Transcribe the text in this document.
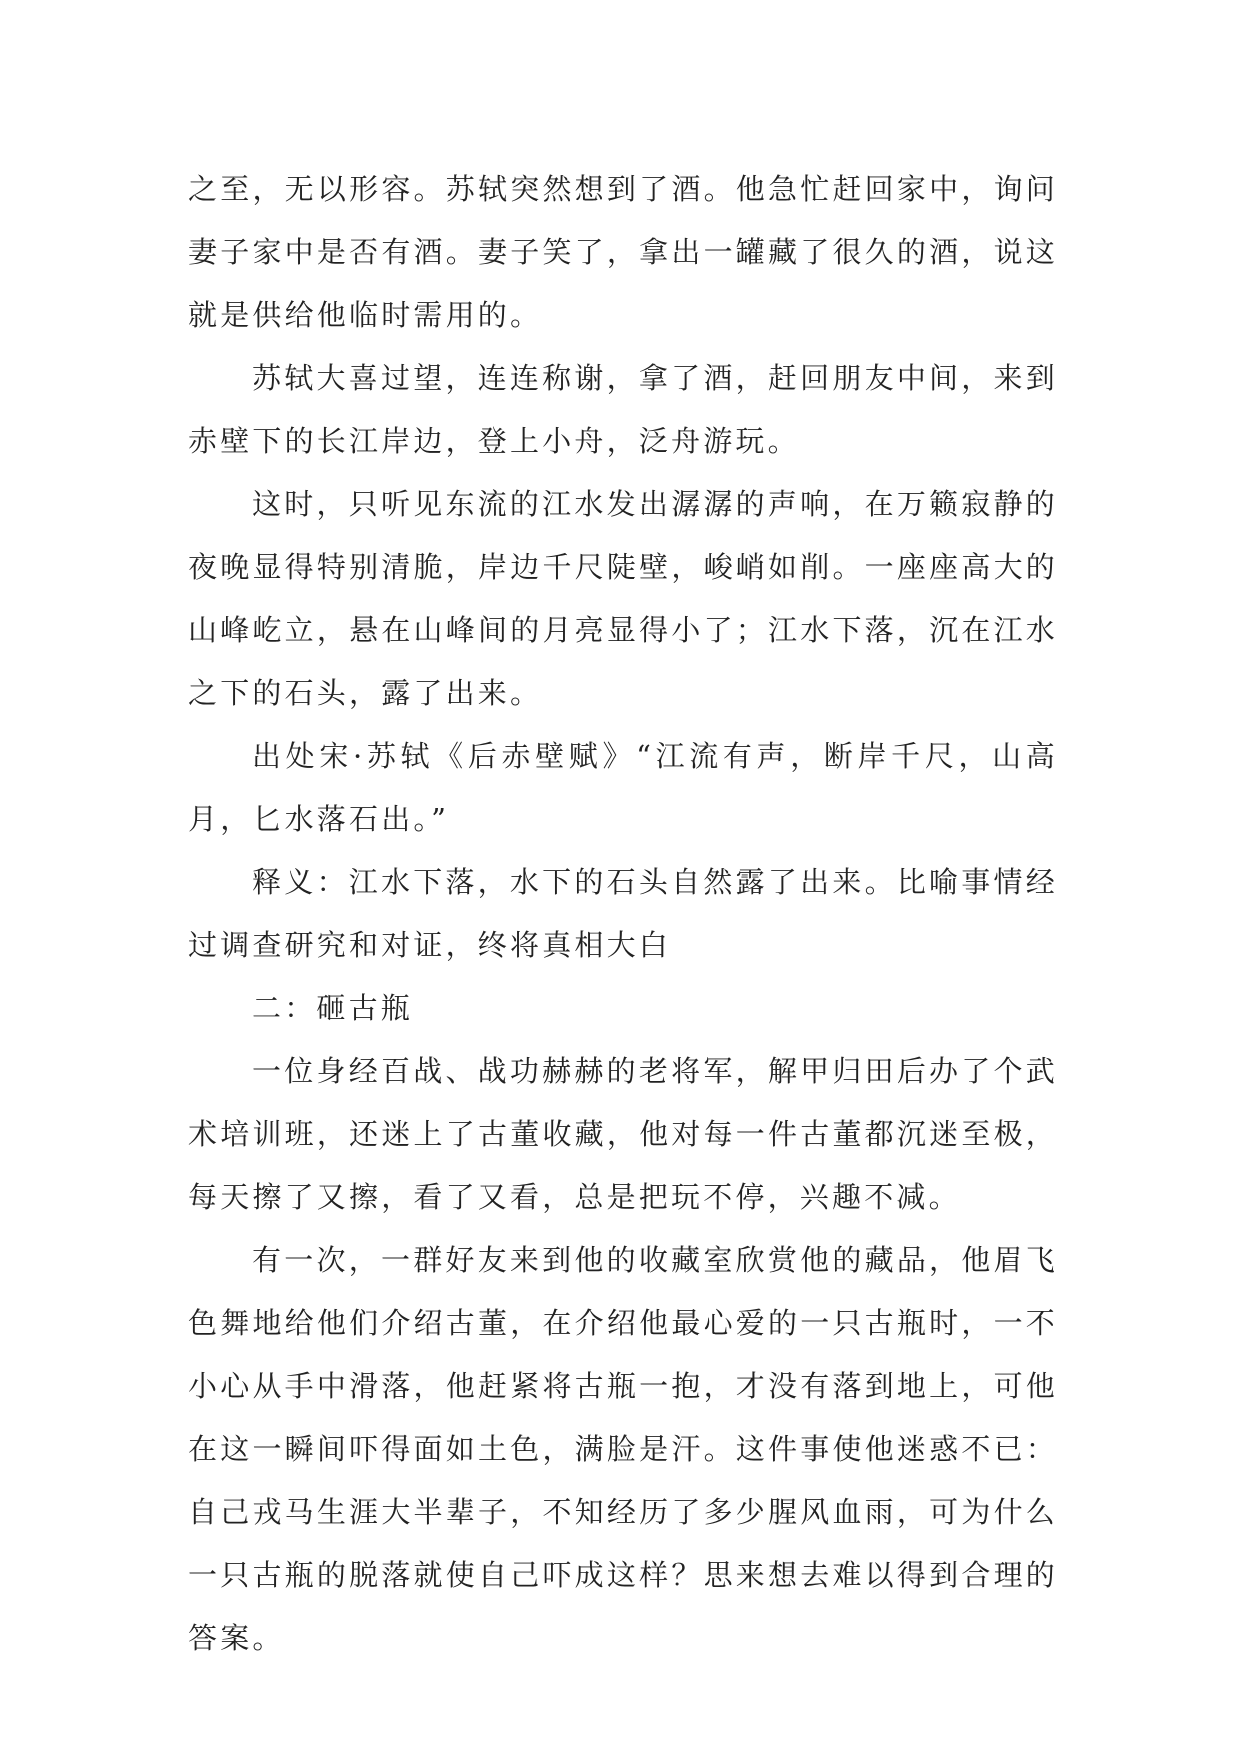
之至，无以形容。苏轼突然想到了酒。他急忙赶回家中，询问妻子家中是否有酒。妻子笑了，拿出一罐藏了很久的酒，说这就是供给他临时需用的。

苏轼大喜过望，连连称谢，拿了酒，赶回朋友中间，来到赤壁下的长江岸边，登上小舟，泛舟游玩。

这时，只听见东流的江水发出潺潺的声响，在万籁寂静的夜晚显得特别清脆，岸边千尺陡壁，峻峭如削。一座座高大的山峰屹立，悬在山峰间的月亮显得小了；江水下落，沉在江水之下的石头，露了出来。

出处宋·苏轼《后赤壁赋》“江流有声，断岸千尺，山高月，匕水落石出。”

释义：江水下落，水下的石头自然露了出来。比喻事情经过调查研究和对证，终将真相大白

二：砸古瓶

一位身经百战、战功赫赫的老将军，解甲归田后办了个武术培训班，还迷上了古董收藏，他对每一件古董都沉迷至极，每天擦了又擦，看了又看，总是把玩不停，兴趣不减。

有一次，一群好友来到他的收藏室欣赏他的藏品，他眉飞色舞地给他们介绍古董，在介绍他最心爱的一只古瓶时，一不小心从手中滑落，他赶紧将古瓶一抱，才没有落到地上，可他在这一瞬间吓得面如土色，满脸是汗。这件事使他迷惑不已：自己戎马生涯大半辈子，不知经历了多少腥风血雨，可为什么一只古瓶的脱落就使自己吓成这样？思来想去难以得到合理的答案。
